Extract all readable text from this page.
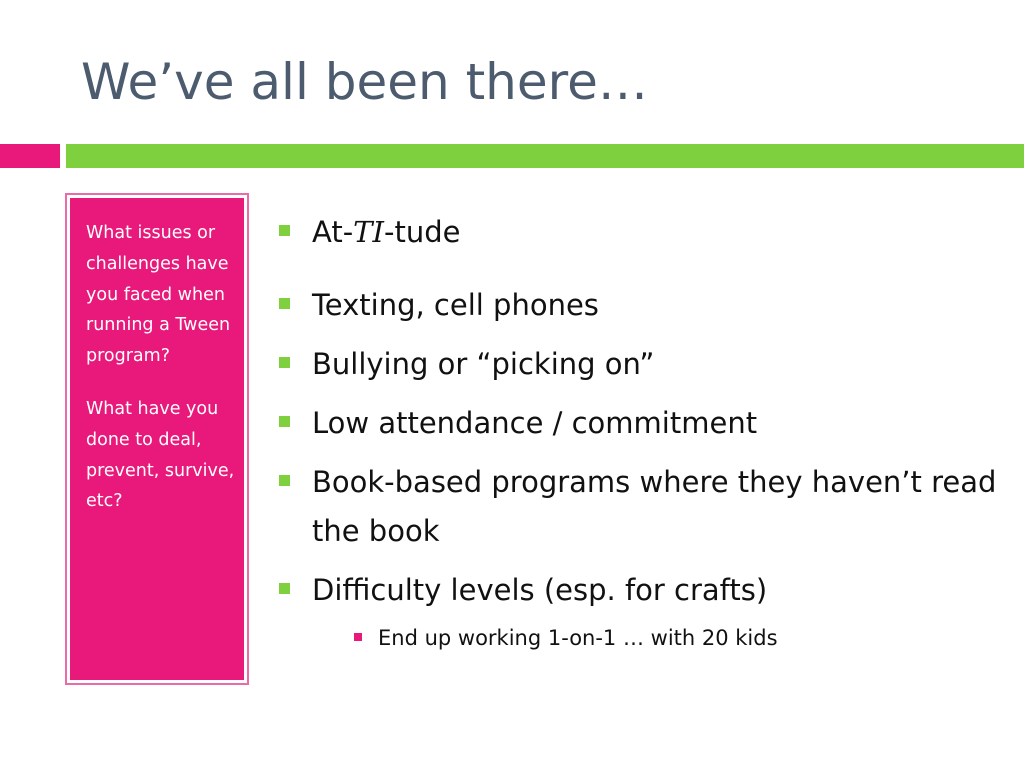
We’ve all been there…

What issues or challenges have you faced when running a Tween program?

What have you done to deal, prevent, survive, etc?

At-TI-tude
Texting, cell phones
Bullying or “picking on”
Low attendance / commitment
Book-based programs where they haven’t read the book
Difficulty levels (esp. for crafts)
End up working 1-on-1 … with 20 kids
